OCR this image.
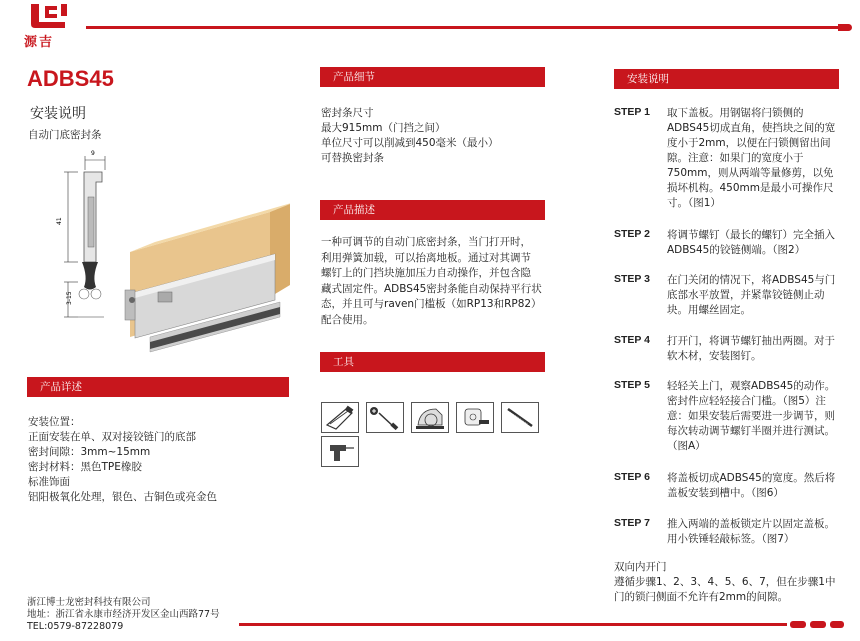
源吉
ADBS45
安装说明
自动门底密封条
9
41
3-15
产品详述
安装位置：
正面安装在单、双对接铰链门的底部
密封间隙：3mm~15mm
密封材料：黑色TPE橡胶
标准饰面
铝阳极氧化处理，银色、古铜色或亮金色
产品细节
密封条尺寸
最大915mm（门挡之间）
单位尺寸可以削减到450毫米（最小）
可替换密封条
产品描述
一种可调节的自动门底密封条，当门打开时，
利用弹簧加载，可以抬离地板。通过对其调节
螺钉上的门挡块施加压力自动操作，并包含隐
藏式固定件。ADBS45密封条能自动保持平行状
态，并且可与raven门槛板（如RP13和RP82）
配合使用。
工具
安装说明
STEP 1 取下盖板。用钢锯将闩锁侧的
ADBS45切成直角，使挡块之间的宽
度小于2mm，以便在闩锁侧留出间
隙。注意：如果门的宽度小于
750mm，则从两端等量修剪，以免
损坏机构。450mm是最小可操作尺
寸。（图1）
STEP 2 将调节螺钉（最长的螺钉）完全插入
ADBS45的铰链侧端。（图2）
STEP 3 在门关闭的情况下，将ADBS45与门
底部水平放置，并紧靠铰链侧止动
块。用螺丝固定。
STEP 4 打开门，将调节螺钉抽出两圈。对于
软木材，安装图钉。
STEP 5 轻轻关上门，观察ADBS45的动作。
密封件应轻轻接合门槛。（图5）注
意：如果安装后需要进一步调节，则
每次转动调节螺钉半圈并进行测试。
（图A）
STEP 6 将盖板切成ADBS45的宽度。然后将
盖板安装到槽中。（图6）
STEP 7 推入两端的盖板锁定片以固定盖板。
用小铁锤轻敲标签。（图7）
双向内开门
遵循步骤1、2、3、4、5、6、7，但在步骤1中
门的锁闩侧面不允许有2mm的间隙。
浙江博士龙密封科技有限公司
地址：浙江省永康市经济开发区金山西路77号
TEL:0579-87228079
